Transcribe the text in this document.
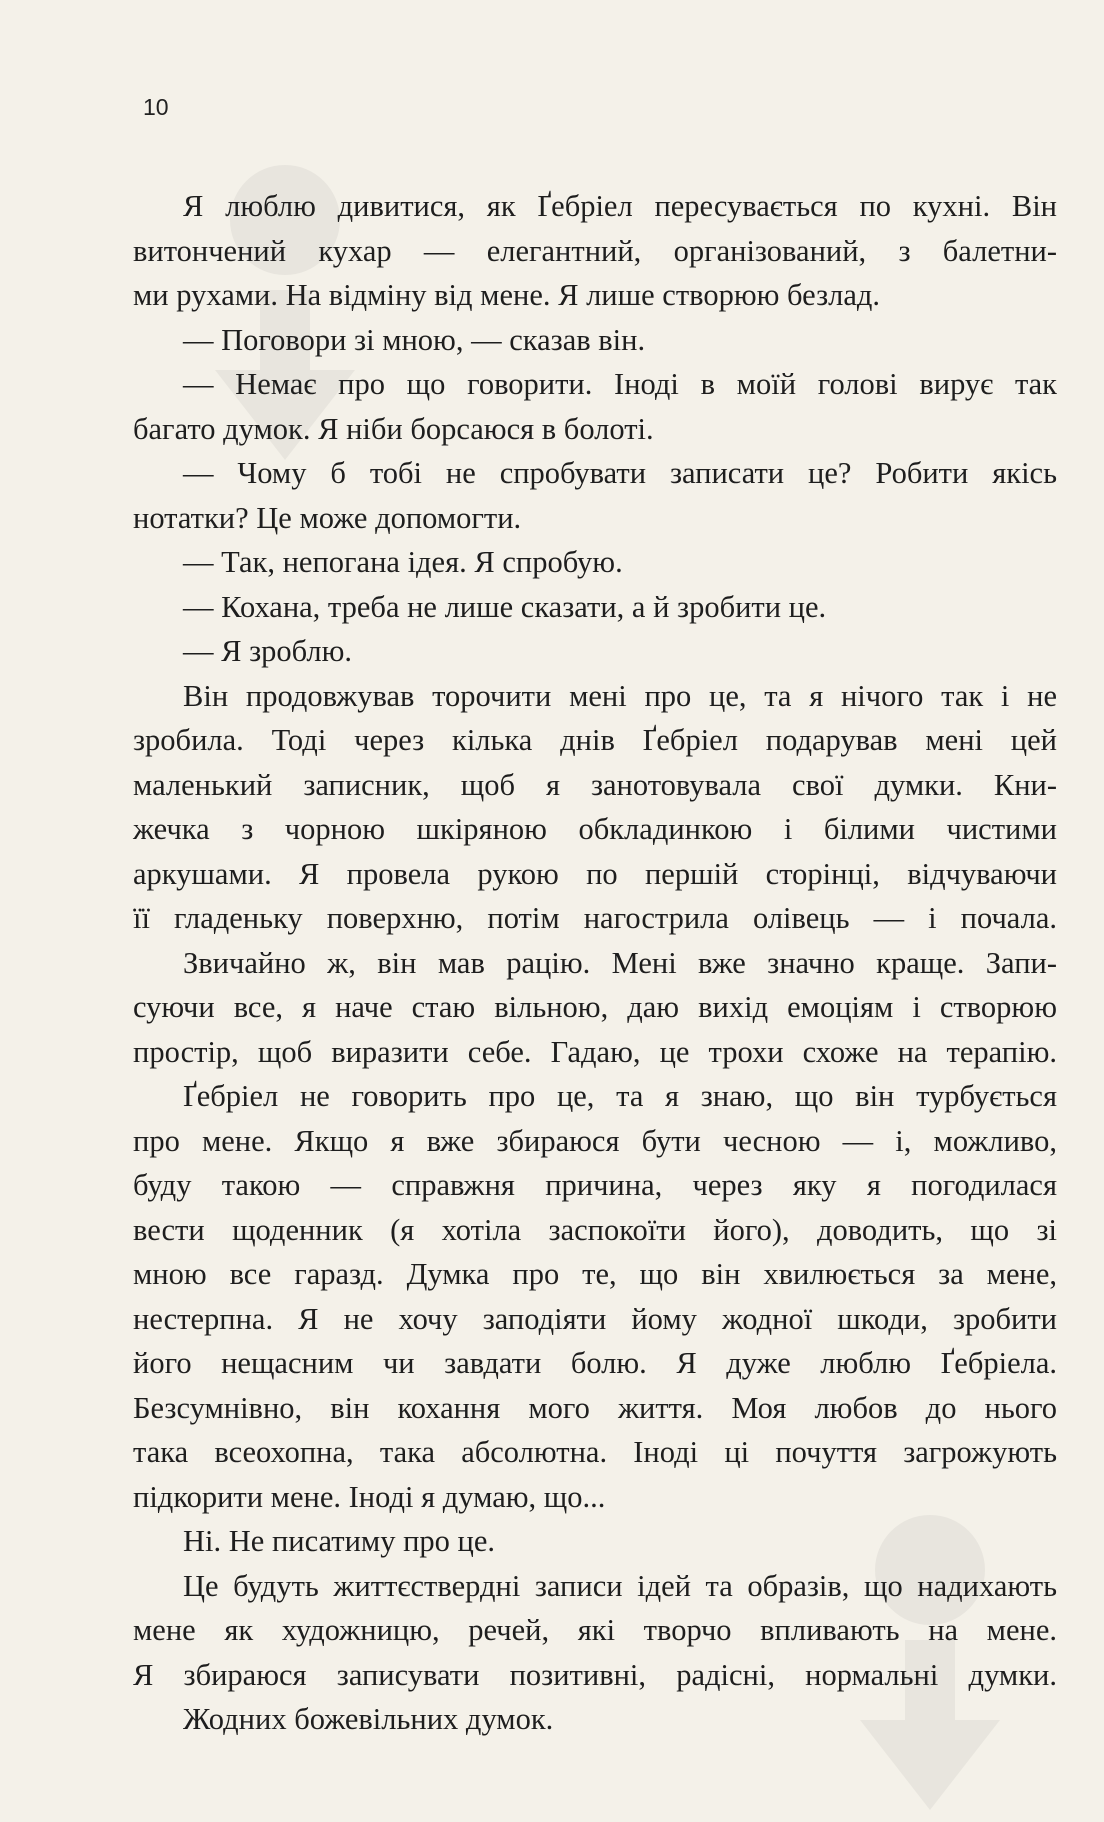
10
Я люблю дивитися, як Ґебріел пересувається по кухні. Він
витончений кухар — елегантний, організований, з балетни-
ми рухами. На відміну від мене. Я лише створюю безлад.
— Поговори зі мною, — сказав він.
— Немає про що говорити. Іноді в моїй голові вирує так
багато думок. Я ніби борсаюся в болоті.
— Чому б тобі не спробувати записати це? Робити якісь
нотатки? Це може допомогти.
— Так, непогана ідея. Я спробую.
— Кохана, треба не лише сказати, а й зробити це.
— Я зроблю.
Він продовжував торочити мені про це, та я нічого так і не
зробила. Тоді через кілька днів Ґебріел подарував мені цей
маленький записник, щоб я занотовувала свої думки. Кни-
жечка з чорною шкіряною обкладинкою і білими чистими
аркушами. Я провела рукою по першій сторінці, відчуваючи
її гладеньку поверхню, потім нагострила олівець — і почала.
Звичайно ж, він мав рацію. Мені вже значно краще. Запи-
суючи все, я наче стаю вільною, даю вихід емоціям і створюю
простір, щоб виразити себе. Гадаю, це трохи схоже на терапію.
Ґебріел не говорить про це, та я знаю, що він турбується
про мене. Якщо я вже збираюся бути чесною — і, можливо,
буду такою — справжня причина, через яку я погодилася
вести щоденник (я хотіла заспокоїти його), доводить, що зі
мною все гаразд. Думка про те, що він хвилюється за мене,
нестерпна. Я не хочу заподіяти йому жодної шкоди, зробити
його нещасним чи завдати болю. Я дуже люблю Ґебріела.
Безсумнівно, він кохання мого життя. Моя любов до нього
така всеохопна, така абсолютна. Іноді ці почуття загрожують
підкорити мене. Іноді я думаю, що...
Ні. Не писатиму про це.
Це будуть життєствердні записи ідей та образів, що надихають
мене як художницю, речей, які творчо впливають на мене.
Я збираюся записувати позитивні, радісні, нормальні думки.
Жодних божевільних думок.
